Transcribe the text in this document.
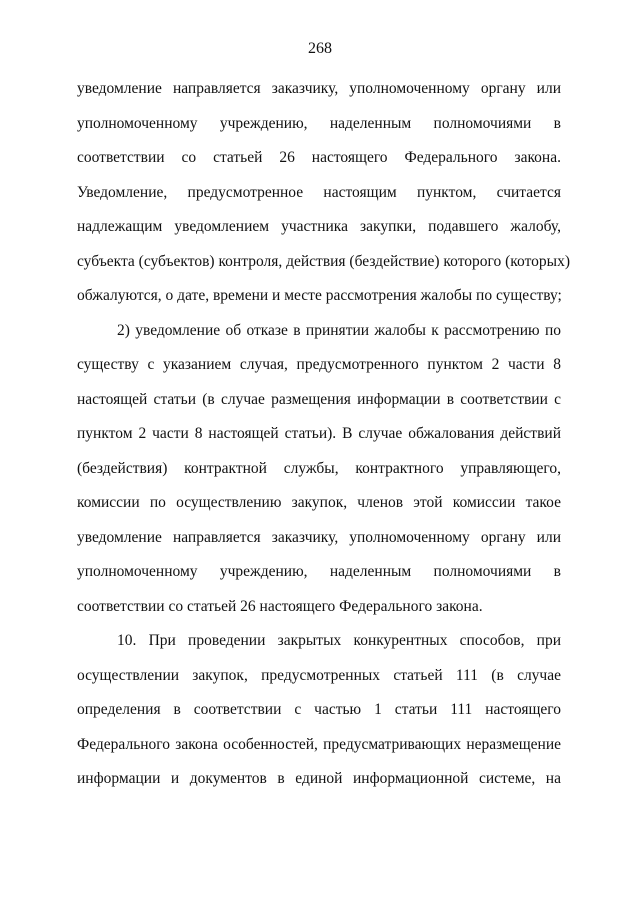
268
уведомление направляется заказчику, уполномоченному органу или
уполномоченному учреждению, наделенным полномочиями в
соответствии со статьей 26 настоящего Федерального закона.
Уведомление, предусмотренное настоящим пунктом, считается
надлежащим уведомлением участника закупки, подавшего жалобу,
субъекта (субъектов) контроля, действия (бездействие) которого (которых)
обжалуются, о дате, времени и месте рассмотрения жалобы по существу;
2) уведомление об отказе в принятии жалобы к рассмотрению по
существу с указанием случая, предусмотренного пунктом 2 части 8
настоящей статьи (в случае размещения информации в соответствии с
пунктом 2 части 8 настоящей статьи). В случае обжалования действий
(бездействия) контрактной службы, контрактного управляющего,
комиссии по осуществлению закупок, членов этой комиссии такое
уведомление направляется заказчику, уполномоченному органу или
уполномоченному учреждению, наделенным полномочиями в
соответствии со статьей 26 настоящего Федерального закона.
10. При проведении закрытых конкурентных способов, при
осуществлении закупок, предусмотренных статьей 111 (в случае
определения в соответствии с частью 1 статьи 111 настоящего
Федерального закона особенностей, предусматривающих неразмещение
информации и документов в единой информационной системе, на
